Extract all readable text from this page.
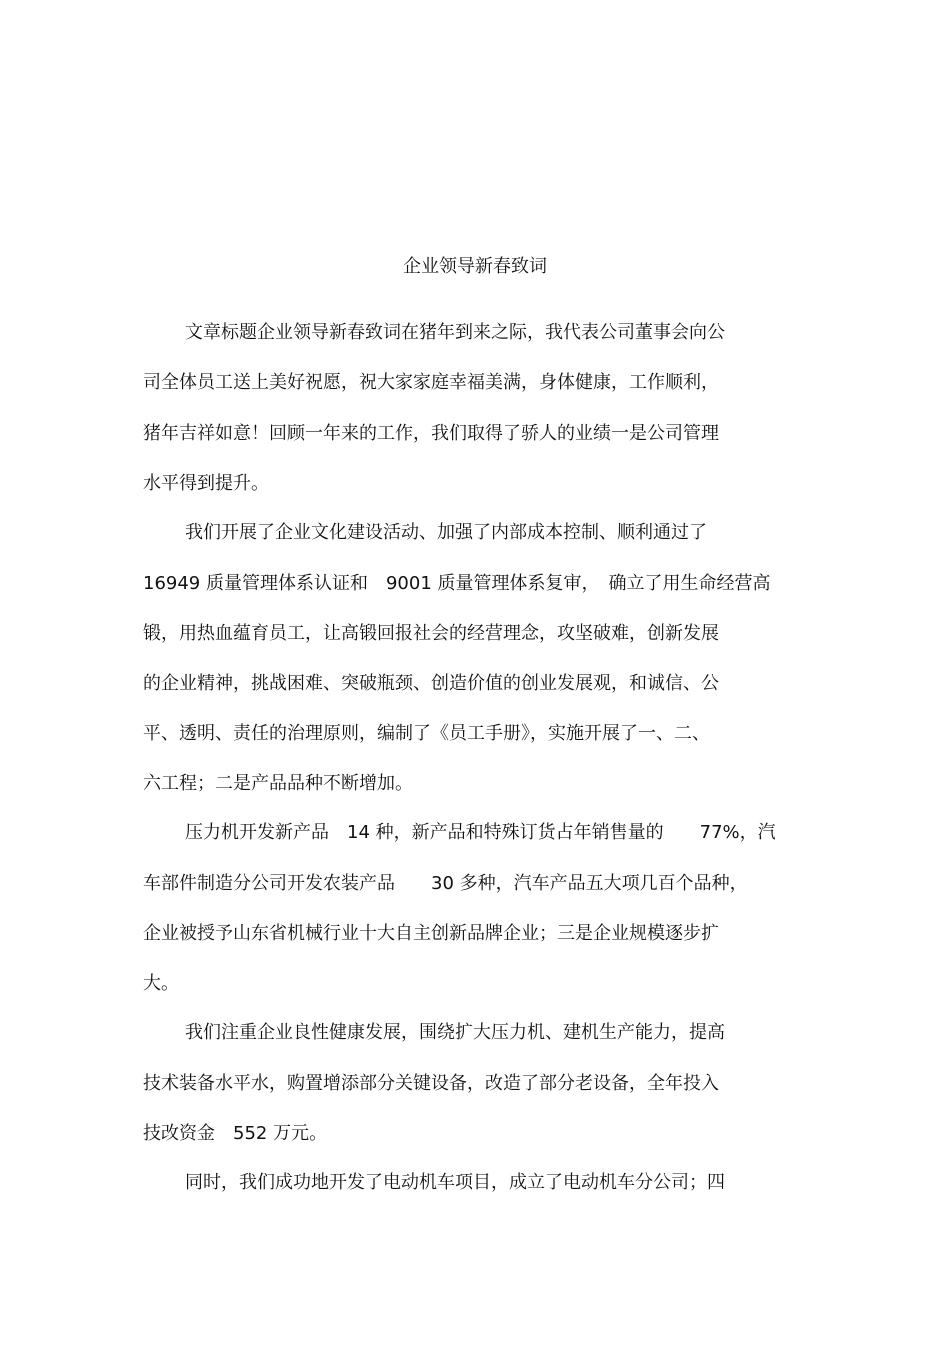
企业领导新春致词
文章标题企业领导新春致词在猪年到来之际，我代表公司董事会向公
司全体员工送上美好祝愿，祝大家家庭幸福美满，身体健康，工作顺利，
猪年吉祥如意！回顾一年来的工作，我们取得了骄人的业绩一是公司管理
水平得到提升。
我们开展了企业文化建设活动、加强了内部成本控制、顺利通过了
16949 质量管理体系认证和　9001 质量管理体系复审，　确立了用生命经营高
锻，用热血蕴育员工，让高锻回报社会的经营理念，攻坚破难，创新发展
的企业精神，挑战困难、突破瓶颈、创造价值的创业发展观，和诚信、公
平、透明、责任的治理原则，编制了《员工手册》，实施开展了一、二、
六工程；二是产品品种不断增加。
压力机开发新产品　14 种，新产品和特殊订货占年销售量的　　77%，汽
车部件制造分公司开发农装产品　　30 多种，汽车产品五大项几百个品种，
企业被授予山东省机械行业十大自主创新品牌企业；三是企业规模逐步扩
大。
我们注重企业良性健康发展，围绕扩大压力机、建机生产能力，提高
技术装备水平水，购置增添部分关键设备，改造了部分老设备，全年投入
技改资金　552 万元。
同时，我们成功地开发了电动机车项目，成立了电动机车分公司；四
